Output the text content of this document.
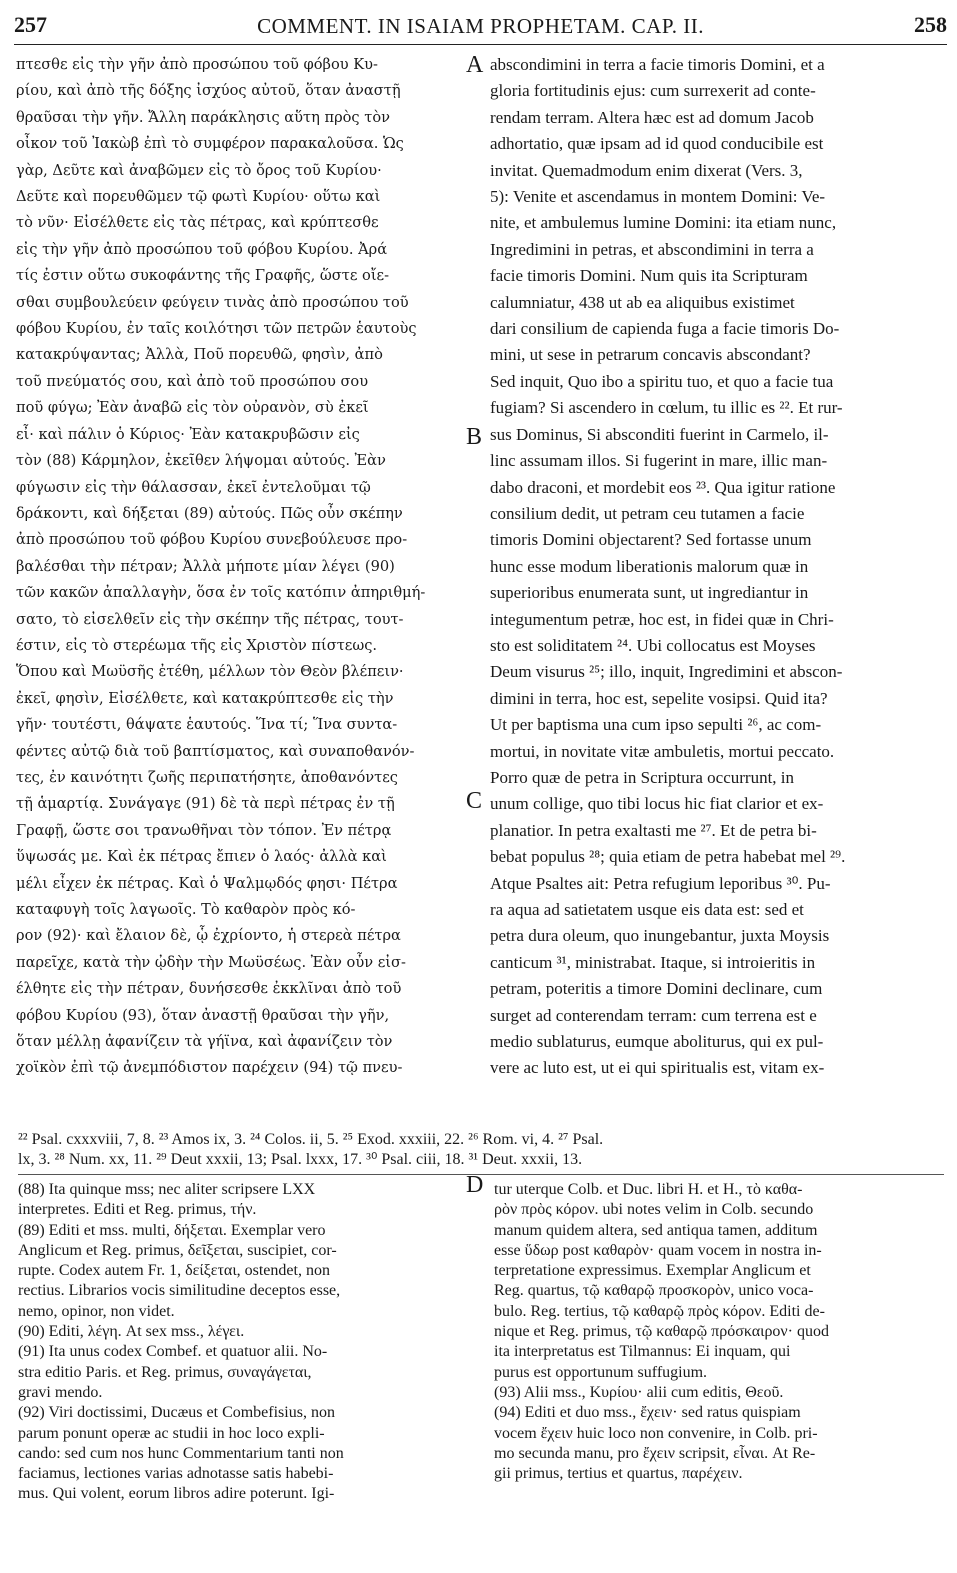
257	COMMENT. IN ISAIAM PROPHETAM. CAP. II.	258
πτεσθε εἰς τὴν γῆν ἀπὸ προσώπου τοῦ φόβου Κυ-
ρίου, καὶ ἀπὸ τῆς δόξης ἰσχύος αὐτοῦ, ὅταν ἀναστῇ
θραῦσαι τὴν γῆν. Ἄλλη παράκλησις αὕτη πρὸς τὸν
οἶκον τοῦ Ἰακὼβ ἐπὶ τὸ συμφέρον παρακαλοῦσα. Ὡς
γὰρ, Δεῦτε καὶ ἀναβῶμεν εἰς τὸ ὄρος τοῦ Κυρίου·
Δεῦτε καὶ πορευθῶμεν τῷ φωτὶ Κυρίου· οὕτω καὶ
τὸ νῦν· Εἰσέλθετε εἰς τὰς πέτρας, καὶ κρύπτεσθε
εἰς τὴν γῆν ἀπὸ προσώπου τοῦ φόβου Κυρίου. Ἀρά
τίς ἐστιν οὕτω συκοφάντης τῆς Γραφῆς, ὥστε οἴε-
σθαι συμβουλεύειν φεύγειν τινὰς ἀπὸ προσώπου τοῦ
φόβου Κυρίου, ἐν ταῖς κοιλότησι τῶν πετρῶν ἑαυτοὺς
κατακρύψαντας; Ἀλλὰ, Ποῦ πορευθῶ, φησὶν, ἀπὸ
τοῦ πνεύματός σου, καὶ ἀπὸ τοῦ προσώπου σου
ποῦ φύγω; Ἐὰν ἀναβῶ εἰς τὸν οὐρανὸν, σὺ ἐκεῖ
εἶ· καὶ πάλιν ὁ Κύριος· Ἐὰν κατακρυβῶσιν εἰς
τὸν (88) Κάρμηλον, ἐκεῖθεν λήψομαι αὐτούς. Ἐὰν
φύγωσιν εἰς τὴν θάλασσαν, ἐκεῖ ἐντελοῦμαι τῷ
δράκοντι, καὶ δήξεται (89) αὐτούς. Πῶς οὖν σκέπην
ἀπὸ προσώπου τοῦ φόβου Κυρίου συνεβούλευσε προ-
βαλέσθαι τὴν πέτραν; Ἀλλὰ μήποτε μίαν λέγει (90)
τῶν κακῶν ἀπαλλαγὴν, ὅσα ἐν τοῖς κατόπιν ἀπηριθμή-
σατο, τὸ εἰσελθεῖν εἰς τὴν σκέπην τῆς πέτρας, τουτ-
έστιν, εἰς τὸ στερέωμα τῆς εἰς Χριστὸν πίστεως.
Ὅπου καὶ Μωϋσῆς ἐτέθη, μέλλων τὸν Θεὸν βλέπειν·
ἐκεῖ, φησὶν, Εἰσέλθετε, καὶ κατακρύπτεσθε εἰς τὴν
γῆν· τουτέστι, θάψατε ἑαυτούς. Ἵνα τί; Ἵνα συντα-
φέντες αὐτῷ διὰ τοῦ βαπτίσματος, καὶ συναποθανόν-
τες, ἐν καινότητι ζωῆς περιπατήσητε, ἀποθανόντες
τῇ ἁμαρτίᾳ. Συνάγαγε (91) δὲ τὰ περὶ πέτρας ἐν τῇ
Γραφῇ, ὥστε σοι τρανωθῆναι τὸν τόπον. Ἐν πέτρᾳ
ὕψωσάς με. Καὶ ἐκ πέτρας ἔπιεν ὁ λαός· ἀλλὰ καὶ
μέλι εἶχεν ἐκ πέτρας. Καὶ ὁ Ψαλμῳδός φησι· Πέτρα
καταφυγὴ τοῖς λαγωοῖς. Τὸ καθαρὸν πρὸς κό-
ρον (92)· καὶ ἔλαιον δὲ, ᾧ ἐχρίοντο, ἡ στερεὰ πέτρα
παρεῖχε, κατὰ τὴν ᾠδὴν τὴν Μωϋσέως. Ἐὰν οὖν εἰσ-
έλθητε εἰς τὴν πέτραν, δυνήσεσθε ἐκκλῖναι ἀπὸ τοῦ
φόβου Κυρίου (93), ὅταν ἀναστῇ θραῦσαι τὴν γῆν,
ὅταν μέλλῃ ἀφανίζειν τὰ γήϊνα, καὶ ἀφανίζειν τὸν
χοϊκὸν ἐπὶ τῷ ἀνεμπόδιστον παρέχειν (94) τῷ πνευ-

abscondimini in terra a facie timoris Domini, et a
gloria fortitudinis ejus: cum surrexerit ad conte-
rendam terram. Altera hæc est ad domum Jacob
adhortatio, quæ ipsam ad id quod conducibile est
invitat. Quemadmodum enim dixerat (Vers. 3,
5): Venite et ascendamus in montem Domini: Ve-
nite, et ambulemus lumine Domini: ita etiam nunc,
Ingredimini in petras, et abscondimini in terra a
facie timoris Domini. Num quis ita Scripturam
calumniatur, 438 ut ab ea aliquibus existimet
dari consilium de capienda fuga a facie timoris Do-
mini, ut sese in petrarum concavis abscondant?
Sed inquit, Quo ibo a spiritu tuo, et quo a facie tua
fugiam? Si ascendero in cœlum, tu illic es ²². Et rur-
sus Dominus, Si absconditi fuerint in Carmelo, il-
linc assumam illos. Si fugerint in mare, illic man-
dabo draconi, et mordebit eos ²³. Qua igitur ratione
consilium dedit, ut petram ceu tutamen a facie
timoris Domini objectarent? Sed fortasse unum
hunc esse modum liberationis malorum quæ in
superioribus enumerata sunt, ut ingrediantur in
integumentum petræ, hoc est, in fidei quæ in Chri-
sto est soliditatem ²⁴. Ubi collocatus est Moyses
Deum visurus ²⁵; illo, inquit, Ingredimini et abscon-
dimini in terra, hoc est, sepelite vosipsi. Quid ita?
Ut per baptisma una cum ipso sepulti ²⁶, ac com-
mortui, in novitate vitæ ambuletis, mortui peccato.
Porro quæ de petra in Scriptura occurrunt, in
unum collige, quo tibi locus hic fiat clarior et ex-
planatior. In petra exaltasti me ²⁷. Et de petra bi-
bebat populus ²⁸; quia etiam de petra habebat mel ²⁹.
Atque Psaltes ait: Petra refugium leporibus ³⁰. Pu-
ra aqua ad satietatem usque eis data est: sed et
petra dura oleum, quo inungebantur, juxta Moysis
canticum ³¹, ministrabat. Itaque, si introieritis in
petram, poteritis a timore Domini declinare, cum
surget ad conterendam terram: cum terrena est e
medio sublaturus, eumque aboliturus, qui ex pul-
vere ac luto est, ut ei qui spiritualis est, vitam ex-
A
B
C
D
²² Psal. cxxxviii, 7, 8. ²³ Amos ix, 3. ²⁴ Colos. ii, 5. ²⁵ Exod. xxxiii, 22. ²⁶ Rom. vi, 4. ²⁷ Psal.
lx, 3. ²⁸ Num. xx, 11. ²⁹ Deut xxxii, 13; Psal. lxxx, 17. ³⁰ Psal. ciii, 18. ³¹ Deut. xxxii, 13.
(88) Ita quinque mss; nec aliter scripsere LXX
interpretes. Editi et Reg. primus, τήν.
(89) Editi et mss. multi, δήξεται. Exemplar vero
Anglicum et Reg. primus, δεῖξεται, suscipiet, cor-
rupte. Codex autem Fr. 1, δείξεται, ostendet, non
rectius. Librarios vocis similitudine deceptos esse,
nemo, opinor, non videt.
(90) Editi, λέγη. At sex mss., λέγει.
(91) Ita unus codex Combef. et quatuor alii. No-
stra editio Paris. et Reg. primus, συναγάγεται,
gravi mendo.
(92) Viri doctissimi, Ducæus et Combefisius, non
parum ponunt operæ ac studii in hoc loco expli-
cando: sed cum nos hunc Commentarium tanti non
faciamus, lectiones varias adnotasse satis habebi-
mus. Qui volent, eorum libros adire poterunt. Igi-
tur uterque Colb. et Duc. libri H. et H., τὸ καθα-
ρὸν πρὸς κόρον. ubi notes velim in Colb. secundo
manum quidem altera, sed antiqua tamen, additum
esse ὕδωρ post καθαρὸν· quam vocem in nostra in-
terpretatione expressimus. Exemplar Anglicum et
Reg. quartus, τῷ καθαρῷ προσκορὸν, unico voca-
bulo. Reg. tertius, τῷ καθαρῷ πρὸς κόρον. Editi de-
nique et Reg. primus, τῷ καθαρῷ πρόσκαιρον· quod
ita interpretatus est Tilmannus: Ei inquam, qui
purus est opportunum suffugium.
(93) Alii mss., Κυρίου· alii cum editis, Θεοῦ.
(94) Editi et duo mss., ἔχειν· sed ratus quispiam
vocem ἔχειν huic loco non convenire, in Colb. pri-
mo secunda manu, pro ἔχειν scripsit, εἶναι. At Re-
gii primus, tertius et quartus, παρέχειν.
